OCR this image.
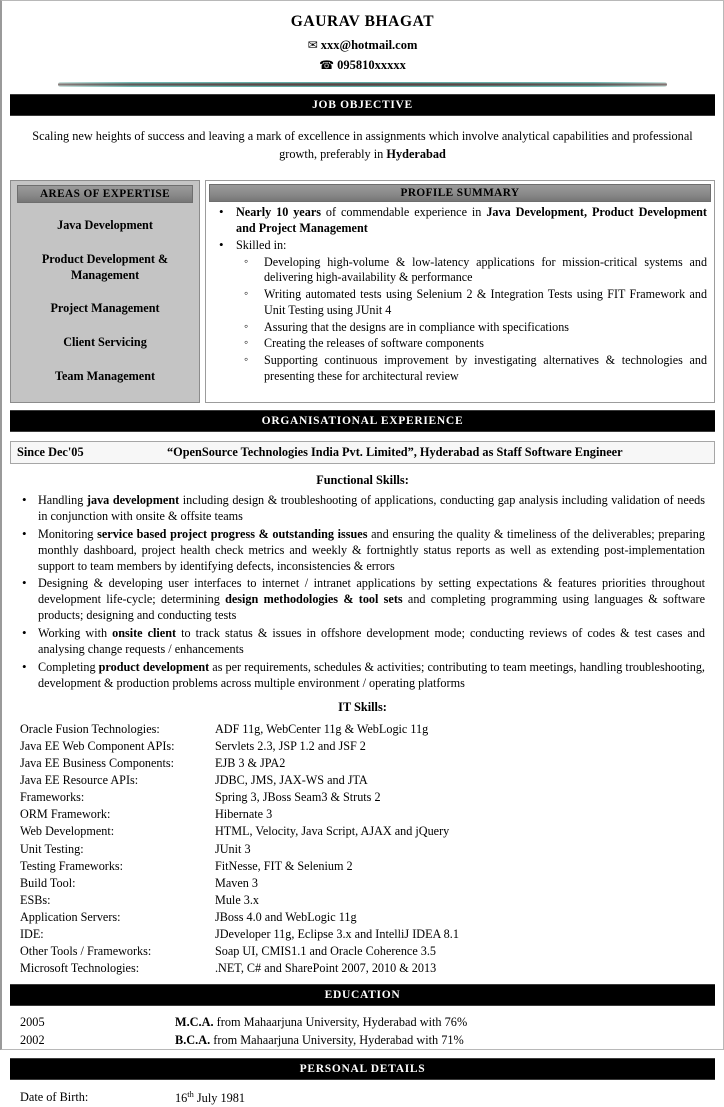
GAURAV BHAGAT
✉ xxx@hotmail.com
☎ 095810xxxxx
JOB OBJECTIVE
Scaling new heights of success and leaving a mark of excellence in assignments which involve analytical capabilities and professional growth, preferably in Hyderabad
AREAS OF EXPERTISE
Java Development
Product Development & Management
Project Management
Client Servicing
Team Management
PROFILE SUMMARY
• Nearly 10 years of commendable experience in Java Development, Product Development and Project Management
• Skilled in:
◦ Developing high-volume & low-latency applications for mission-critical systems and delivering high-availability & performance
◦ Writing automated tests using Selenium 2 & Integration Tests using FIT Framework and Unit Testing using JUnit 4
◦ Assuring that the designs are in compliance with specifications
◦ Creating the releases of software components
◦ Supporting continuous improvement by investigating alternatives & technologies and presenting these for architectural review
ORGANISATIONAL EXPERIENCE
Since Dec'05	“OpenSource Technologies India Pvt. Limited”, Hyderabad as Staff Software Engineer
Functional Skills:
• Handling java development including design & troubleshooting of applications, conducting gap analysis including validation of needs in conjunction with onsite & offsite teams
• Monitoring service based project progress & outstanding issues and ensuring the quality & timeliness of the deliverables; preparing monthly dashboard, project health check metrics and weekly & fortnightly status reports as well as extending post-implementation support to team members by identifying defects, inconsistencies & errors
• Designing & developing user interfaces to internet / intranet applications by setting expectations & features priorities throughout development life-cycle; determining design methodologies & tool sets and completing programming using languages & software products; designing and conducting tests
• Working with onsite client to track status & issues in offshore development mode; conducting reviews of codes & test cases and analysing change requests / enhancements
• Completing product development as per requirements, schedules & activities; contributing to team meetings, handling troubleshooting, development & production problems across multiple environment / operating platforms
IT Skills:
Oracle Fusion Technologies:	ADF 11g, WebCenter 11g & WebLogic 11g
Java EE Web Component APIs:	Servlets 2.3, JSP 1.2 and JSF 2
Java EE Business Components:	EJB 3 & JPA2
Java EE Resource APIs:	JDBC, JMS, JAX-WS and JTA
Frameworks:	Spring 3, JBoss Seam3 & Struts 2
ORM Framework:	Hibernate 3
Web Development:	HTML, Velocity, Java Script, AJAX and jQuery
Unit Testing:	JUnit 3
Testing Frameworks:	FitNesse, FIT & Selenium 2
Build Tool:	Maven 3
ESBs:	Mule 3.x
Application Servers:	JBoss 4.0 and WebLogic 11g
IDE:	JDeveloper 11g, Eclipse 3.x and IntelliJ IDEA 8.1
Other Tools / Frameworks:	Soap UI, CMIS1.1 and Oracle Coherence 3.5
Microsoft Technologies:	.NET, C# and SharePoint 2007, 2010 & 2013
EDUCATION
2005	M.C.A. from Mahaarjuna University, Hyderabad with 76%
2002	B.C.A. from Mahaarjuna University, Hyderabad with 71%
PERSONAL DETAILS
Date of Birth:	16th July 1981
